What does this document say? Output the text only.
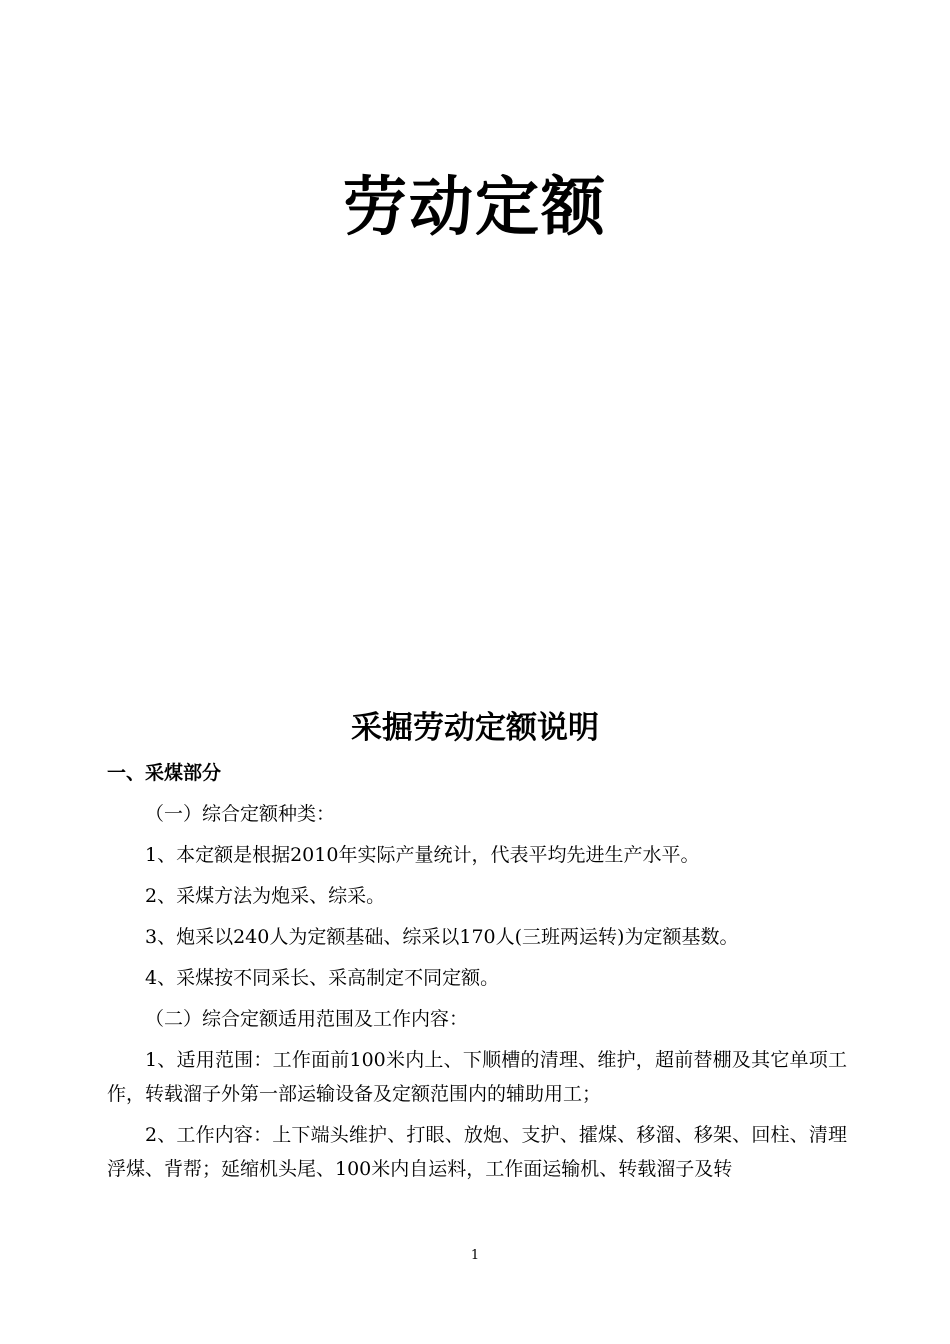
劳动定额
采掘劳动定额说明

一、采煤部分

（一）综合定额种类：

1、本定额是根据2010年实际产量统计，代表平均先进生产水平。

2、采煤方法为炮采、综采。

3、炮采以240人为定额基础、综采以170人(三班两运转)为定额基数。

4、采煤按不同采长、采高制定不同定额。

（二）综合定额适用范围及工作内容：

1、适用范围：工作面前100米内上、下顺槽的清理、维护，超前替棚及其它单项工作，转载溜子外第一部运输设备及定额范围内的辅助用工；

2、工作内容：上下端头维护、打眼、放炮、支护、攉煤、移溜、移架、回柱、清理浮煤、背帮；延缩机头尾、100米内自运料，工作面运输机、转载溜子及转

1
